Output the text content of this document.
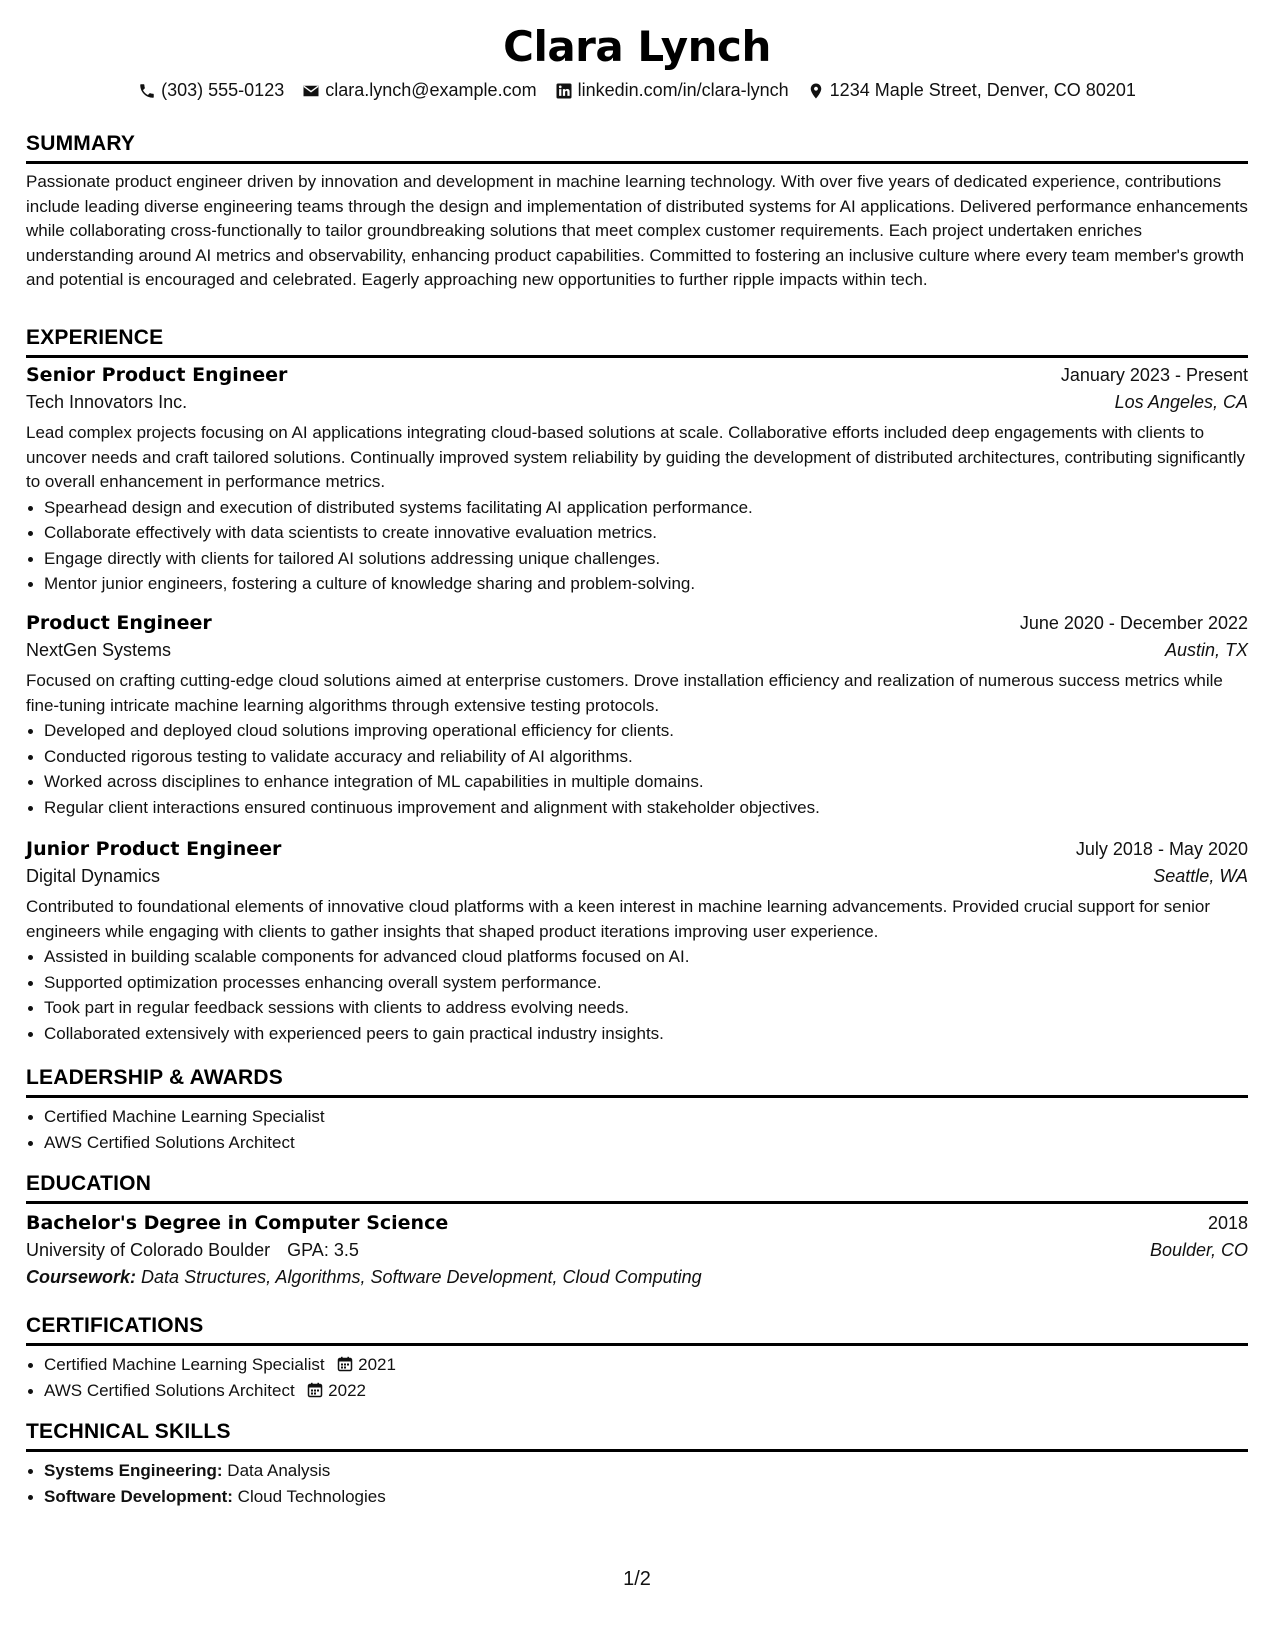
Clara Lynch
(303) 555-0123 clara.lynch@example.com linkedin.com/in/clara-lynch 1234 Maple Street, Denver, CO 80201
SUMMARY
Passionate product engineer driven by innovation and development in machine learning technology. With over five years of dedicated experience, contributions include leading diverse engineering teams through the design and implementation of distributed systems for AI applications. Delivered performance enhancements while collaborating cross-functionally to tailor groundbreaking solutions that meet complex customer requirements. Each project undertaken enriches understanding around AI metrics and observability, enhancing product capabilities. Committed to fostering an inclusive culture where every team member's growth and potential is encouraged and celebrated. Eagerly approaching new opportunities to further ripple impacts within tech.
EXPERIENCE
Senior Product Engineer	January 2023 - Present
Tech Innovators Inc.	Los Angeles, CA
Lead complex projects focusing on AI applications integrating cloud-based solutions at scale. Collaborative efforts included deep engagements with clients to uncover needs and craft tailored solutions. Continually improved system reliability by guiding the development of distributed architectures, contributing significantly to overall enhancement in performance metrics.
Spearhead design and execution of distributed systems facilitating AI application performance.
Collaborate effectively with data scientists to create innovative evaluation metrics.
Engage directly with clients for tailored AI solutions addressing unique challenges.
Mentor junior engineers, fostering a culture of knowledge sharing and problem-solving.
Product Engineer	June 2020 - December 2022
NextGen Systems	Austin, TX
Focused on crafting cutting-edge cloud solutions aimed at enterprise customers. Drove installation efficiency and realization of numerous success metrics while fine-tuning intricate machine learning algorithms through extensive testing protocols.
Developed and deployed cloud solutions improving operational efficiency for clients.
Conducted rigorous testing to validate accuracy and reliability of AI algorithms.
Worked across disciplines to enhance integration of ML capabilities in multiple domains.
Regular client interactions ensured continuous improvement and alignment with stakeholder objectives.
Junior Product Engineer	July 2018 - May 2020
Digital Dynamics	Seattle, WA
Contributed to foundational elements of innovative cloud platforms with a keen interest in machine learning advancements. Provided crucial support for senior engineers while engaging with clients to gather insights that shaped product iterations improving user experience.
Assisted in building scalable components for advanced cloud platforms focused on AI.
Supported optimization processes enhancing overall system performance.
Took part in regular feedback sessions with clients to address evolving needs.
Collaborated extensively with experienced peers to gain practical industry insights.
LEADERSHIP & AWARDS
Certified Machine Learning Specialist
AWS Certified Solutions Architect
EDUCATION
Bachelor's Degree in Computer Science	2018
University of Colorado Boulder GPA: 3.5	Boulder, CO
Coursework: Data Structures, Algorithms, Software Development, Cloud Computing
CERTIFICATIONS
Certified Machine Learning Specialist 2021
AWS Certified Solutions Architect 2022
TECHNICAL SKILLS
Systems Engineering: Data Analysis
Software Development: Cloud Technologies
1/2
